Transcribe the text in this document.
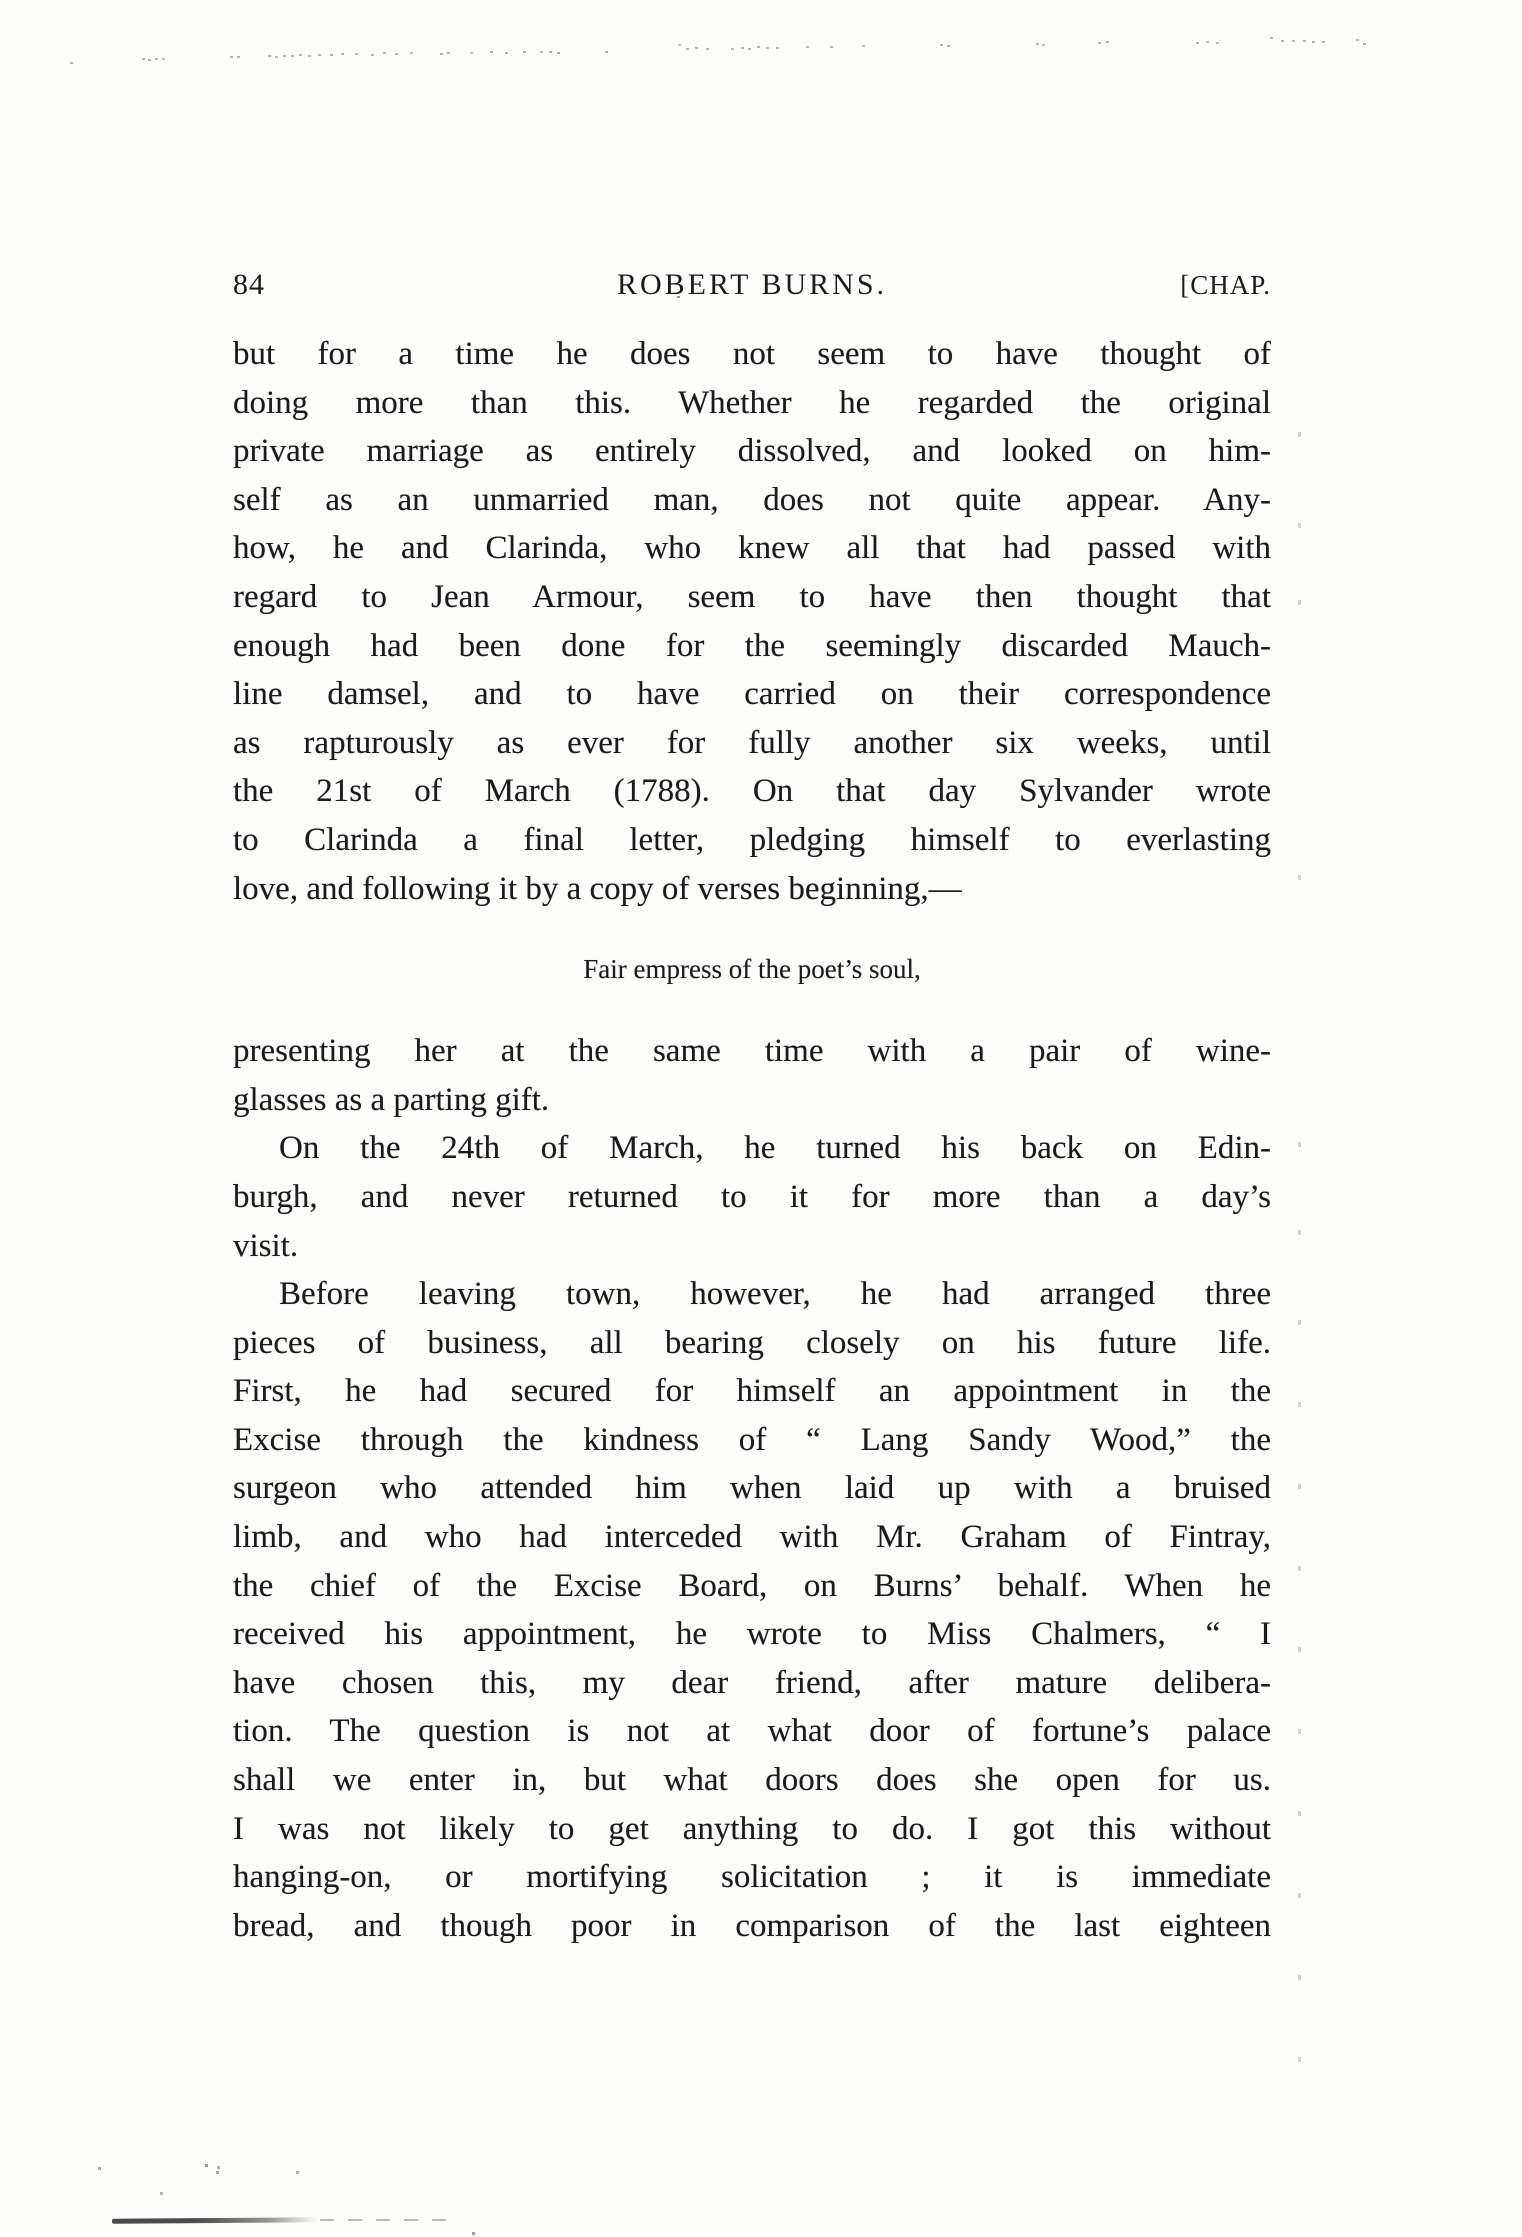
84	ROBERT BURNS.	[CHAP.
but for a time he does not seem to have thought of
doing more than this. Whether he regarded the original
private marriage as entirely dissolved, and looked on him-
self as an unmarried man, does not quite appear. Any-
how, he and Clarinda, who knew all that had passed with
regard to Jean Armour, seem to have then thought that
enough had been done for the seemingly discarded Mauch-
line damsel, and to have carried on their correspondence
as rapturously as ever for fully another six weeks, until
the 21st of March (1788). On that day Sylvander wrote
to Clarinda a final letter, pledging himself to everlasting
love, and following it by a copy of verses beginning,—
Fair empress of the poet’s soul,
presenting her at the same time with a pair of wine-
glasses as a parting gift.
On the 24th of March, he turned his back on Edin-
burgh, and never returned to it for more than a day’s
visit.
Before leaving town, however, he had arranged three
pieces of business, all bearing closely on his future life.
First, he had secured for himself an appointment in the
Excise through the kindness of “ Lang Sandy Wood,” the
surgeon who attended him when laid up with a bruised
limb, and who had interceded with Mr. Graham of Fintray,
the chief of the Excise Board, on Burns’ behalf. When he
received his appointment, he wrote to Miss Chalmers, “ I
have chosen this, my dear friend, after mature delibera-
tion. The question is not at what door of fortune’s palace
shall we enter in, but what doors does she open for us.
I was not likely to get anything to do. I got this without
hanging-on, or mortifying solicitation ; it is immediate
bread, and though poor in comparison of the last eighteen
